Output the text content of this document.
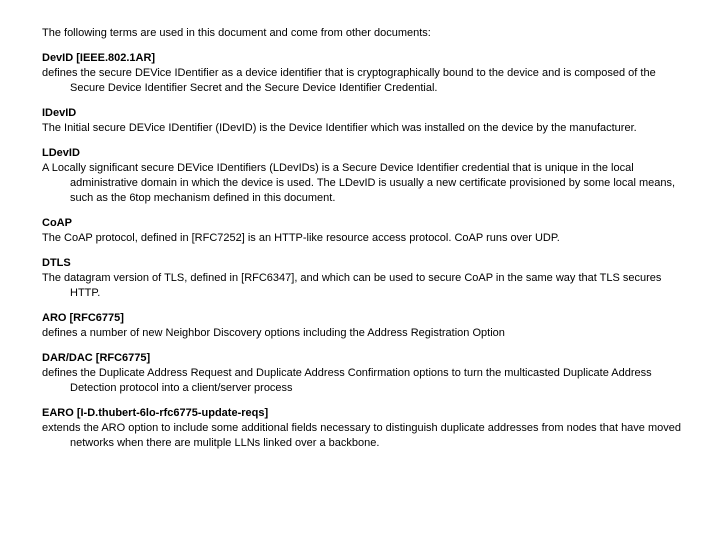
The following terms are used in this document and come from other documents:

DevID [IEEE.802.1AR]
defines the secure DEVice IDentifier as a device identifier that is cryptographically bound to the device and is composed of the Secure Device Identifier Secret and the Secure Device Identifier Credential.
IDevID
The Initial secure DEVice IDentifier (IDevID) is the Device Identifier which was installed on the device by the manufacturer.
LDevID
A Locally significant secure DEVice IDentifiers (LDevIDs) is a Secure Device Identifier credential that is unique in the local administrative domain in which the device is used. The LDevID is usually a new certificate provisioned by some local means, such as the 6top mechanism defined in this document.
CoAP
The CoAP protocol, defined in [RFC7252] is an HTTP-like resource access protocol. CoAP runs over UDP.
DTLS
The datagram version of TLS, defined in [RFC6347], and which can be used to secure CoAP in the same way that TLS secures HTTP.
ARO [RFC6775]
defines a number of new Neighbor Discovery options including the Address Registration Option
DAR/DAC [RFC6775]
defines the Duplicate Address Request and Duplicate Address Confirmation options to turn the multicasted Duplicate Address Detection protocol into a client/server process
EARO [I-D.thubert-6lo-rfc6775-update-reqs]
extends the ARO option to include some additional fields necessary to distinguish duplicate addresses from nodes that have moved networks when there are mulitple LLNs linked over a backbone.
